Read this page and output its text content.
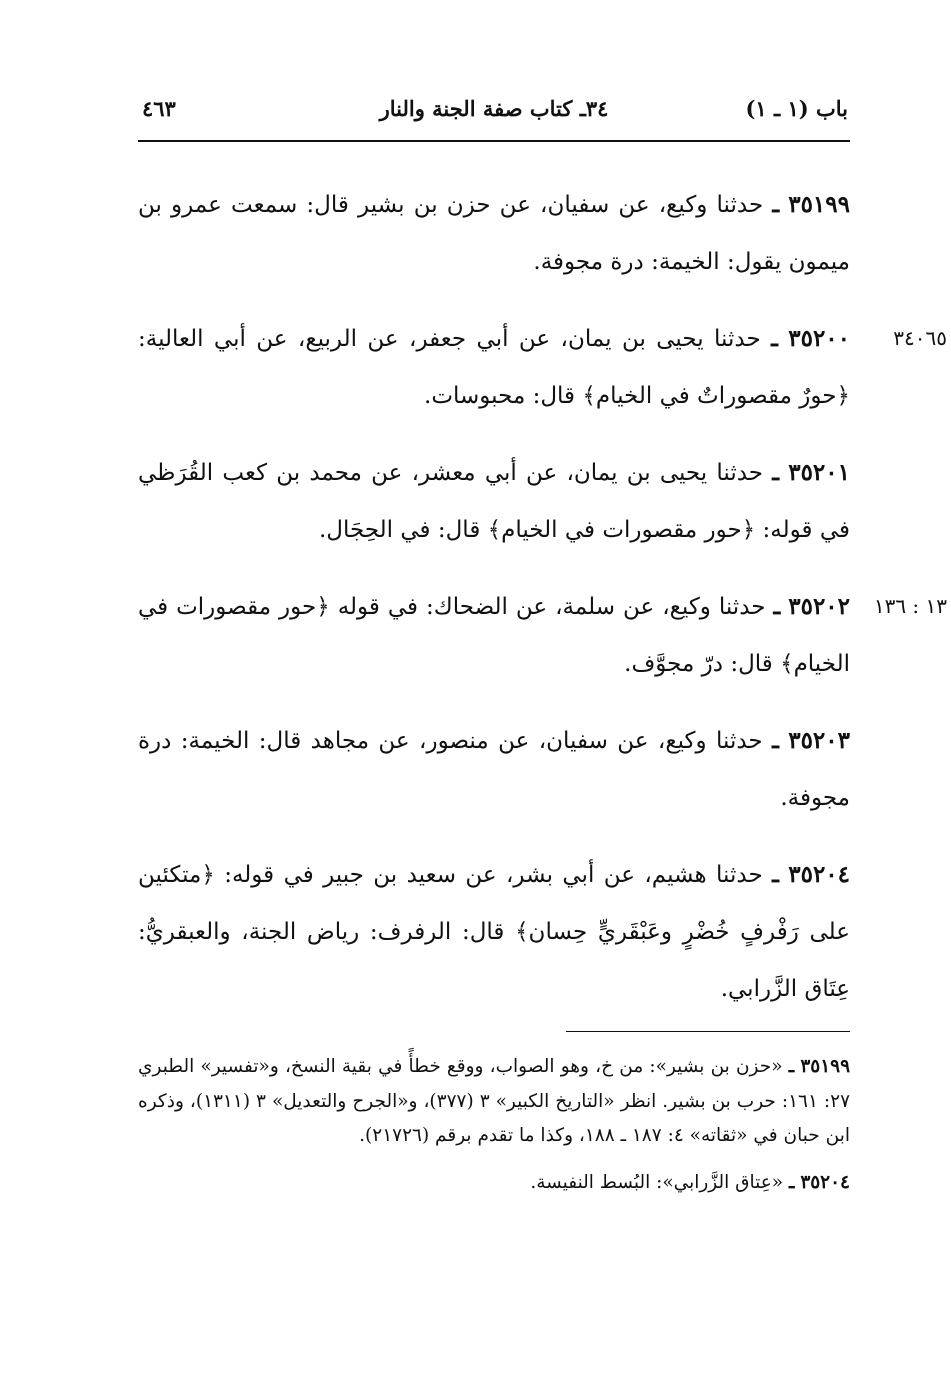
باب (١ ـ ١)
٣٤ـ كتاب صفة الجنة والنار
٤٦٣
٣٥١٩٩ ـ حدثنا وكيع، عن سفيان، عن حزن بن بشير قال: سمعت عمرو بن ميمون يقول: الخيمة: درة مجوفة.
٣٤٠٦٥
٣٥٢٠٠ ـ حدثنا يحيى بن يمان، عن أبي جعفر، عن الربيع، عن أبي العالية: ﴿حورٌ مقصوراتٌ في الخيام﴾ قال: محبوسات.
٣٥٢٠١ ـ حدثنا يحيى بن يمان، عن أبي معشر، عن محمد بن كعب القُرَظي في قوله: ﴿حور مقصورات في الخيام﴾ قال: في الحِجَال.
١٣ : ١٣٦
٣٥٢٠٢ ـ حدثنا وكيع، عن سلمة، عن الضحاك: في قوله ﴿حور مقصورات في الخيام﴾ قال: درّ مجوَّف.
٣٥٢٠٣ ـ حدثنا وكيع، عن سفيان، عن منصور، عن مجاهد قال: الخيمة: درة مجوفة.
٣٥٢٠٤ ـ حدثنا هشيم، عن أبي بشر، عن سعيد بن جبير في قوله: ﴿متكئين على رَفْرفٍ خُضْرٍ وعَبْقَريٍّ حِسان﴾ قال: الرفرف: رياض الجنة، والعبقريُّ: عِتَاق الزَّرابي.
٣٥١٩٩ ـ «حزن بن بشير»: من خ، وهو الصواب، ووقع خطأً في بقية النسخ، و«تفسير» الطبري ٢٧: ١٦١: حرب بن بشير. انظر «التاريخ الكبير» ٣ (٣٧٧)، و«الجرح والتعديل» ٣ (١٣١١)، وذكره ابن حبان في «ثقاته» ٤: ١٨٧ ـ ١٨٨، وكذا ما تقدم برقم (٢١٧٢٦).
٣٥٢٠٤ ـ «عِتاق الزَّرابي»: البُسط النفيسة.
